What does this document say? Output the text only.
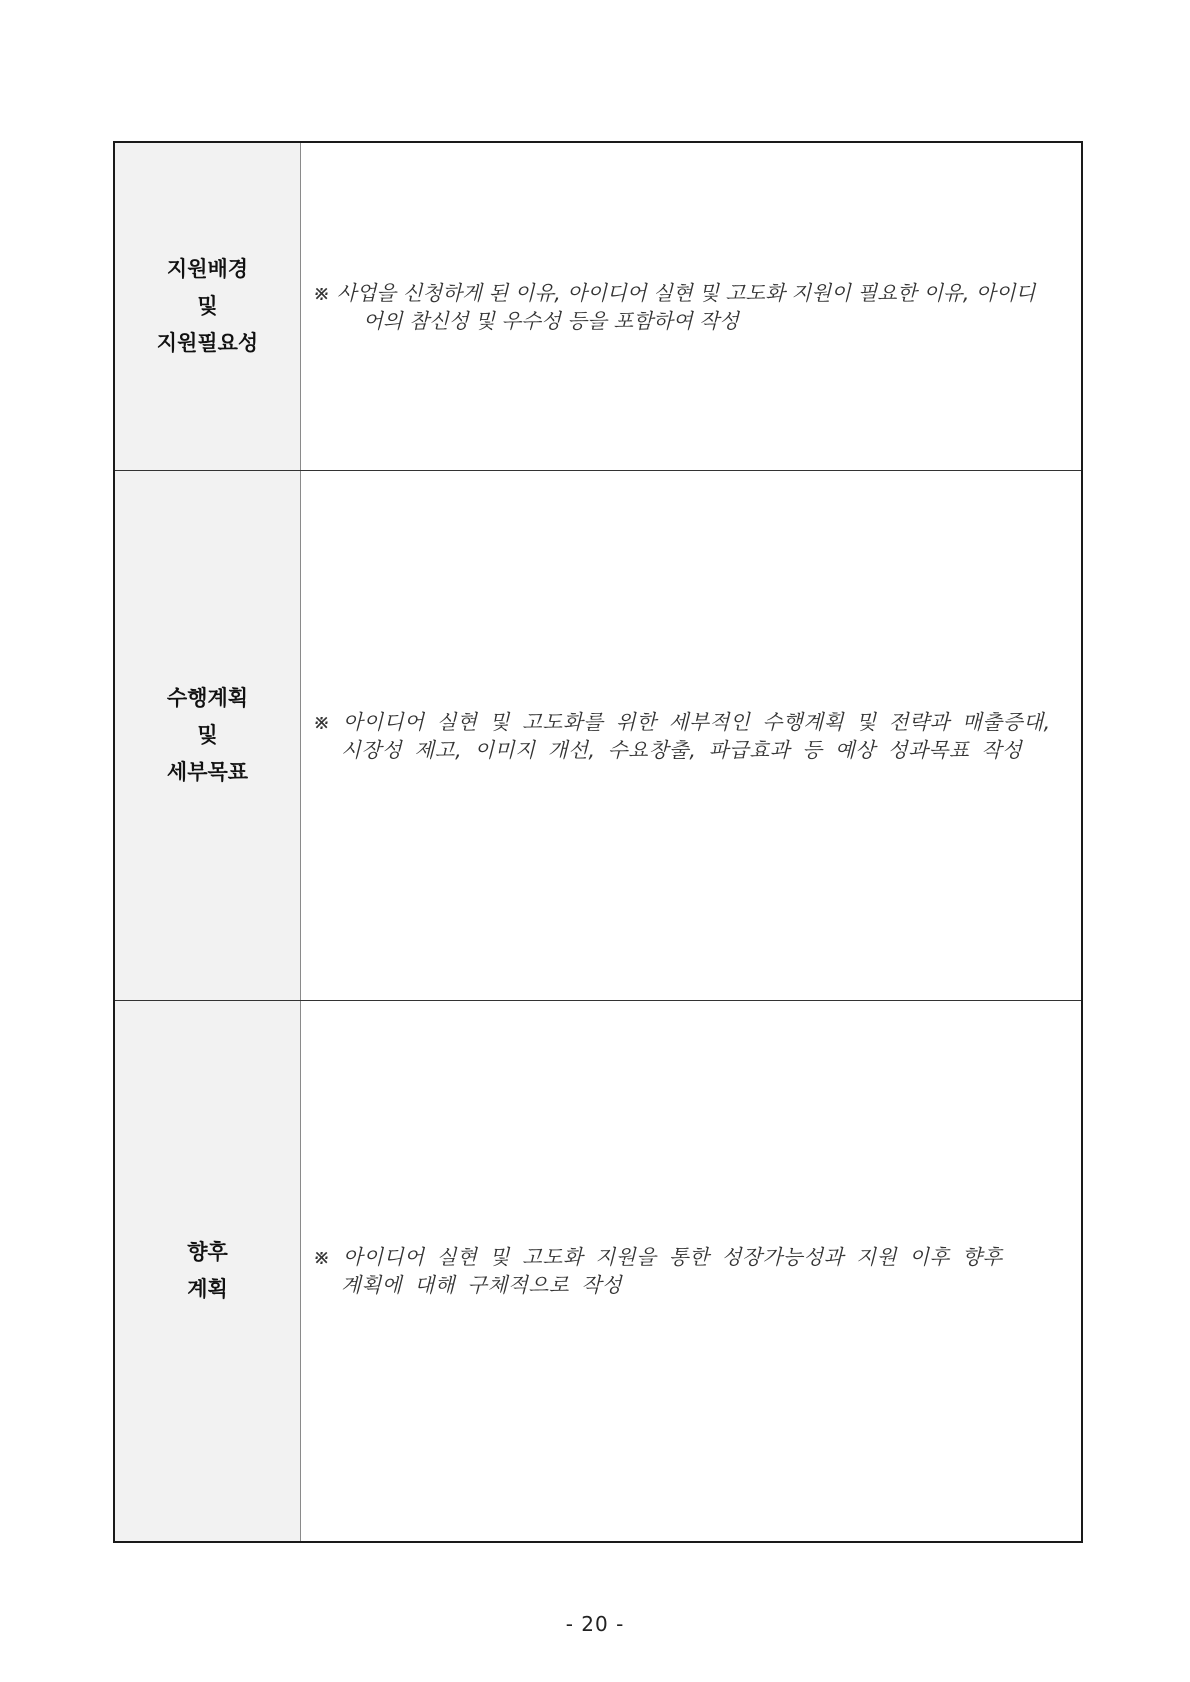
지원배경
및
지원필요성
※ 사업을 신청하게 된 이유, 아이디어 실현 및 고도화 지원이 필요한 이유, 아이디
어의 참신성 및 우수성 등을 포함하여 작성
수행계획
및
세부목표
※ 아이디어 실현 및 고도화를 위한 세부적인 수행계획 및 전략과 매출증대,
시장성 제고, 이미지 개선, 수요창출, 파급효과 등 예상 성과목표 작성
향후
계획
※ 아이디어 실현 및 고도화 지원을 통한 성장가능성과 지원 이후 향후
계획에 대해 구체적으로 작성
- 20 -
